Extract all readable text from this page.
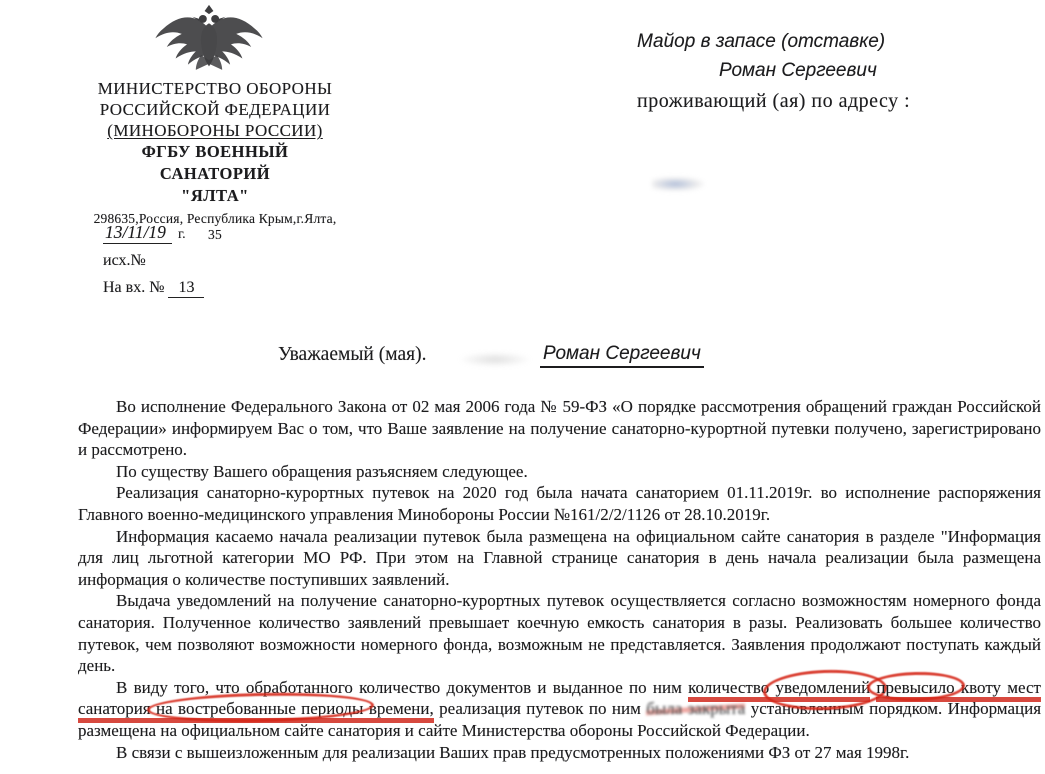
МИНИСТЕРСТВО ОБОРОНЫ
РОССИЙСКОЙ ФЕДЕРАЦИИ
(МИНОБОРОНЫ РОССИИ)
ФГБУ ВОЕННЫЙ САНАТОРИЙ
"ЯЛТА"
298635,Россия, Республика Крым,г.Ялта, 35
13/11/19 г.
исх.№
На вх. № 13
Майор в запасе (отставке)
Роман Сергеевич
проживающий (ая) по адресу :
Уважаемый (мая).	Роман Сергеевич

Во исполнение Федерального Закона от 02 мая 2006 года № 59-ФЗ «О порядке рассмотрения обращений граждан Российской Федерации» информируем Вас о том, что Ваше заявление на получение санаторно-курортной путевки получено, зарегистрировано и рассмотрено.

По существу Вашего обращения разъясняем следующее.

Реализация санаторно-курортных путевок на 2020 год была начата санаторием 01.11.2019г. во исполнение распоряжения Главного военно-медицинского управления Минобороны России №161/2/2/1126 от 28.10.2019г.

Информация касаемо начала реализации путевок была размещена на официальном сайте санатория в разделе "Информация для лиц льготной категории МО РФ. При этом на Главной странице санатория в день начала реализации была размещена информация о количестве поступивших заявлений.

Выдача уведомлений на получение санаторно-курортных путевок осуществляется согласно возможностям номерного фонда санатория. Полученное количество заявлений превышает коечную емкость санатория в разы. Реализовать большее количество путевок, чем позволяют возможности номерного фонда, возможным не представляется. Заявления продолжают поступать каждый день.

В виду того, что обработанного количество документов и выданное по ним количество уведомлений превысило квоту мест санатория на востребованные периоды времени, реализация путевок по ним была закрыта установленным порядком. Информация размещена на официальном сайте санатория и сайте Министерства обороны Российской Федерации.

В связи с вышеизложенным для реализации Ваших прав предусмотренных положениями ФЗ от 27 мая 1998г.
